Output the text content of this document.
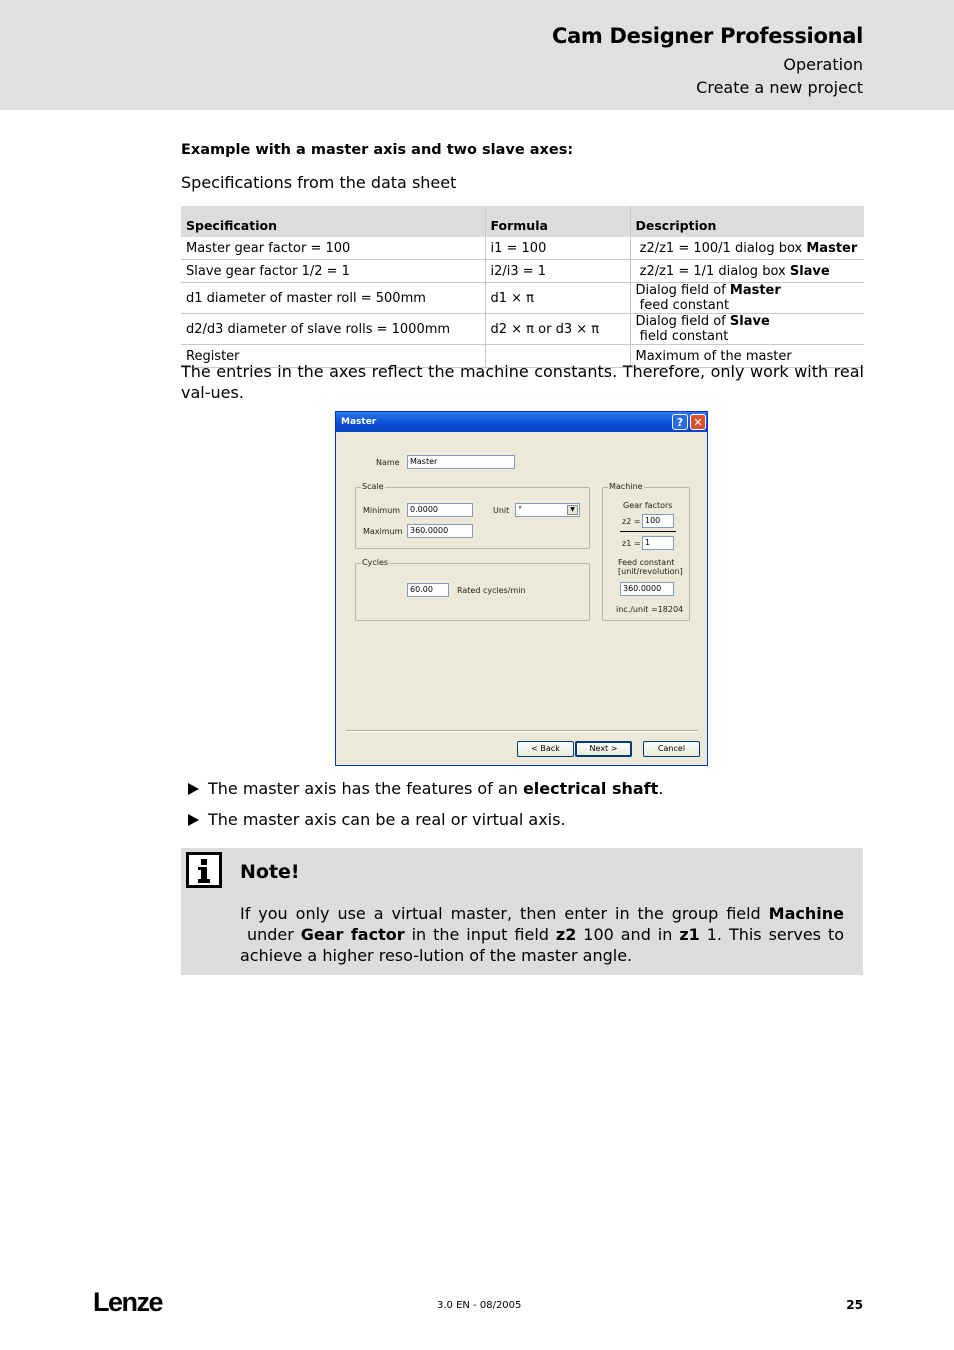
Cam Designer Professional
Operation
Create a new project
Example with a master axis and two slave axes:
Specifications from the data sheet
Specification	Formula	Description
Master gear factor = 100	i1 = 100	z2/z1 = 100/1 dialog box Master
Slave gear factor 1/2 = 1	i2/i3 = 1	z2/z1 = 1/1 dialog box Slave
d1 diameter of master roll = 500mm	d1 × π	Dialog field of Master feed constant
d2/d3 diameter of slave rolls = 1000mm	d2 × π or d3 × π	Dialog field of Slave field constant
Register		Maximum of the master
The entries in the axes reflect the machine constants. Therefore, only work with real val-ues.
Master	? ✕
Name	Master
Scale
Minimum	0.0000
Maximum 360.0000
Unit	°	▼
Cycles
60.00	Rated cycles/min
Machine
Gear factors
z2 = 100
z1 = 1
Feed constant
[unit/revolution]
360.0000
inc./unit =18204
< Back	Next >	Cancel
The master axis has the features of an electrical shaft.
The master axis can be a real or virtual axis.
Note!
If you only use a virtual master, then enter in the group field Machine under Gear factor in the input field z2 100 and in z1 1. This serves to achieve a higher reso-lution of the master angle.
Lenze	3.0 EN - 08/2005	25
